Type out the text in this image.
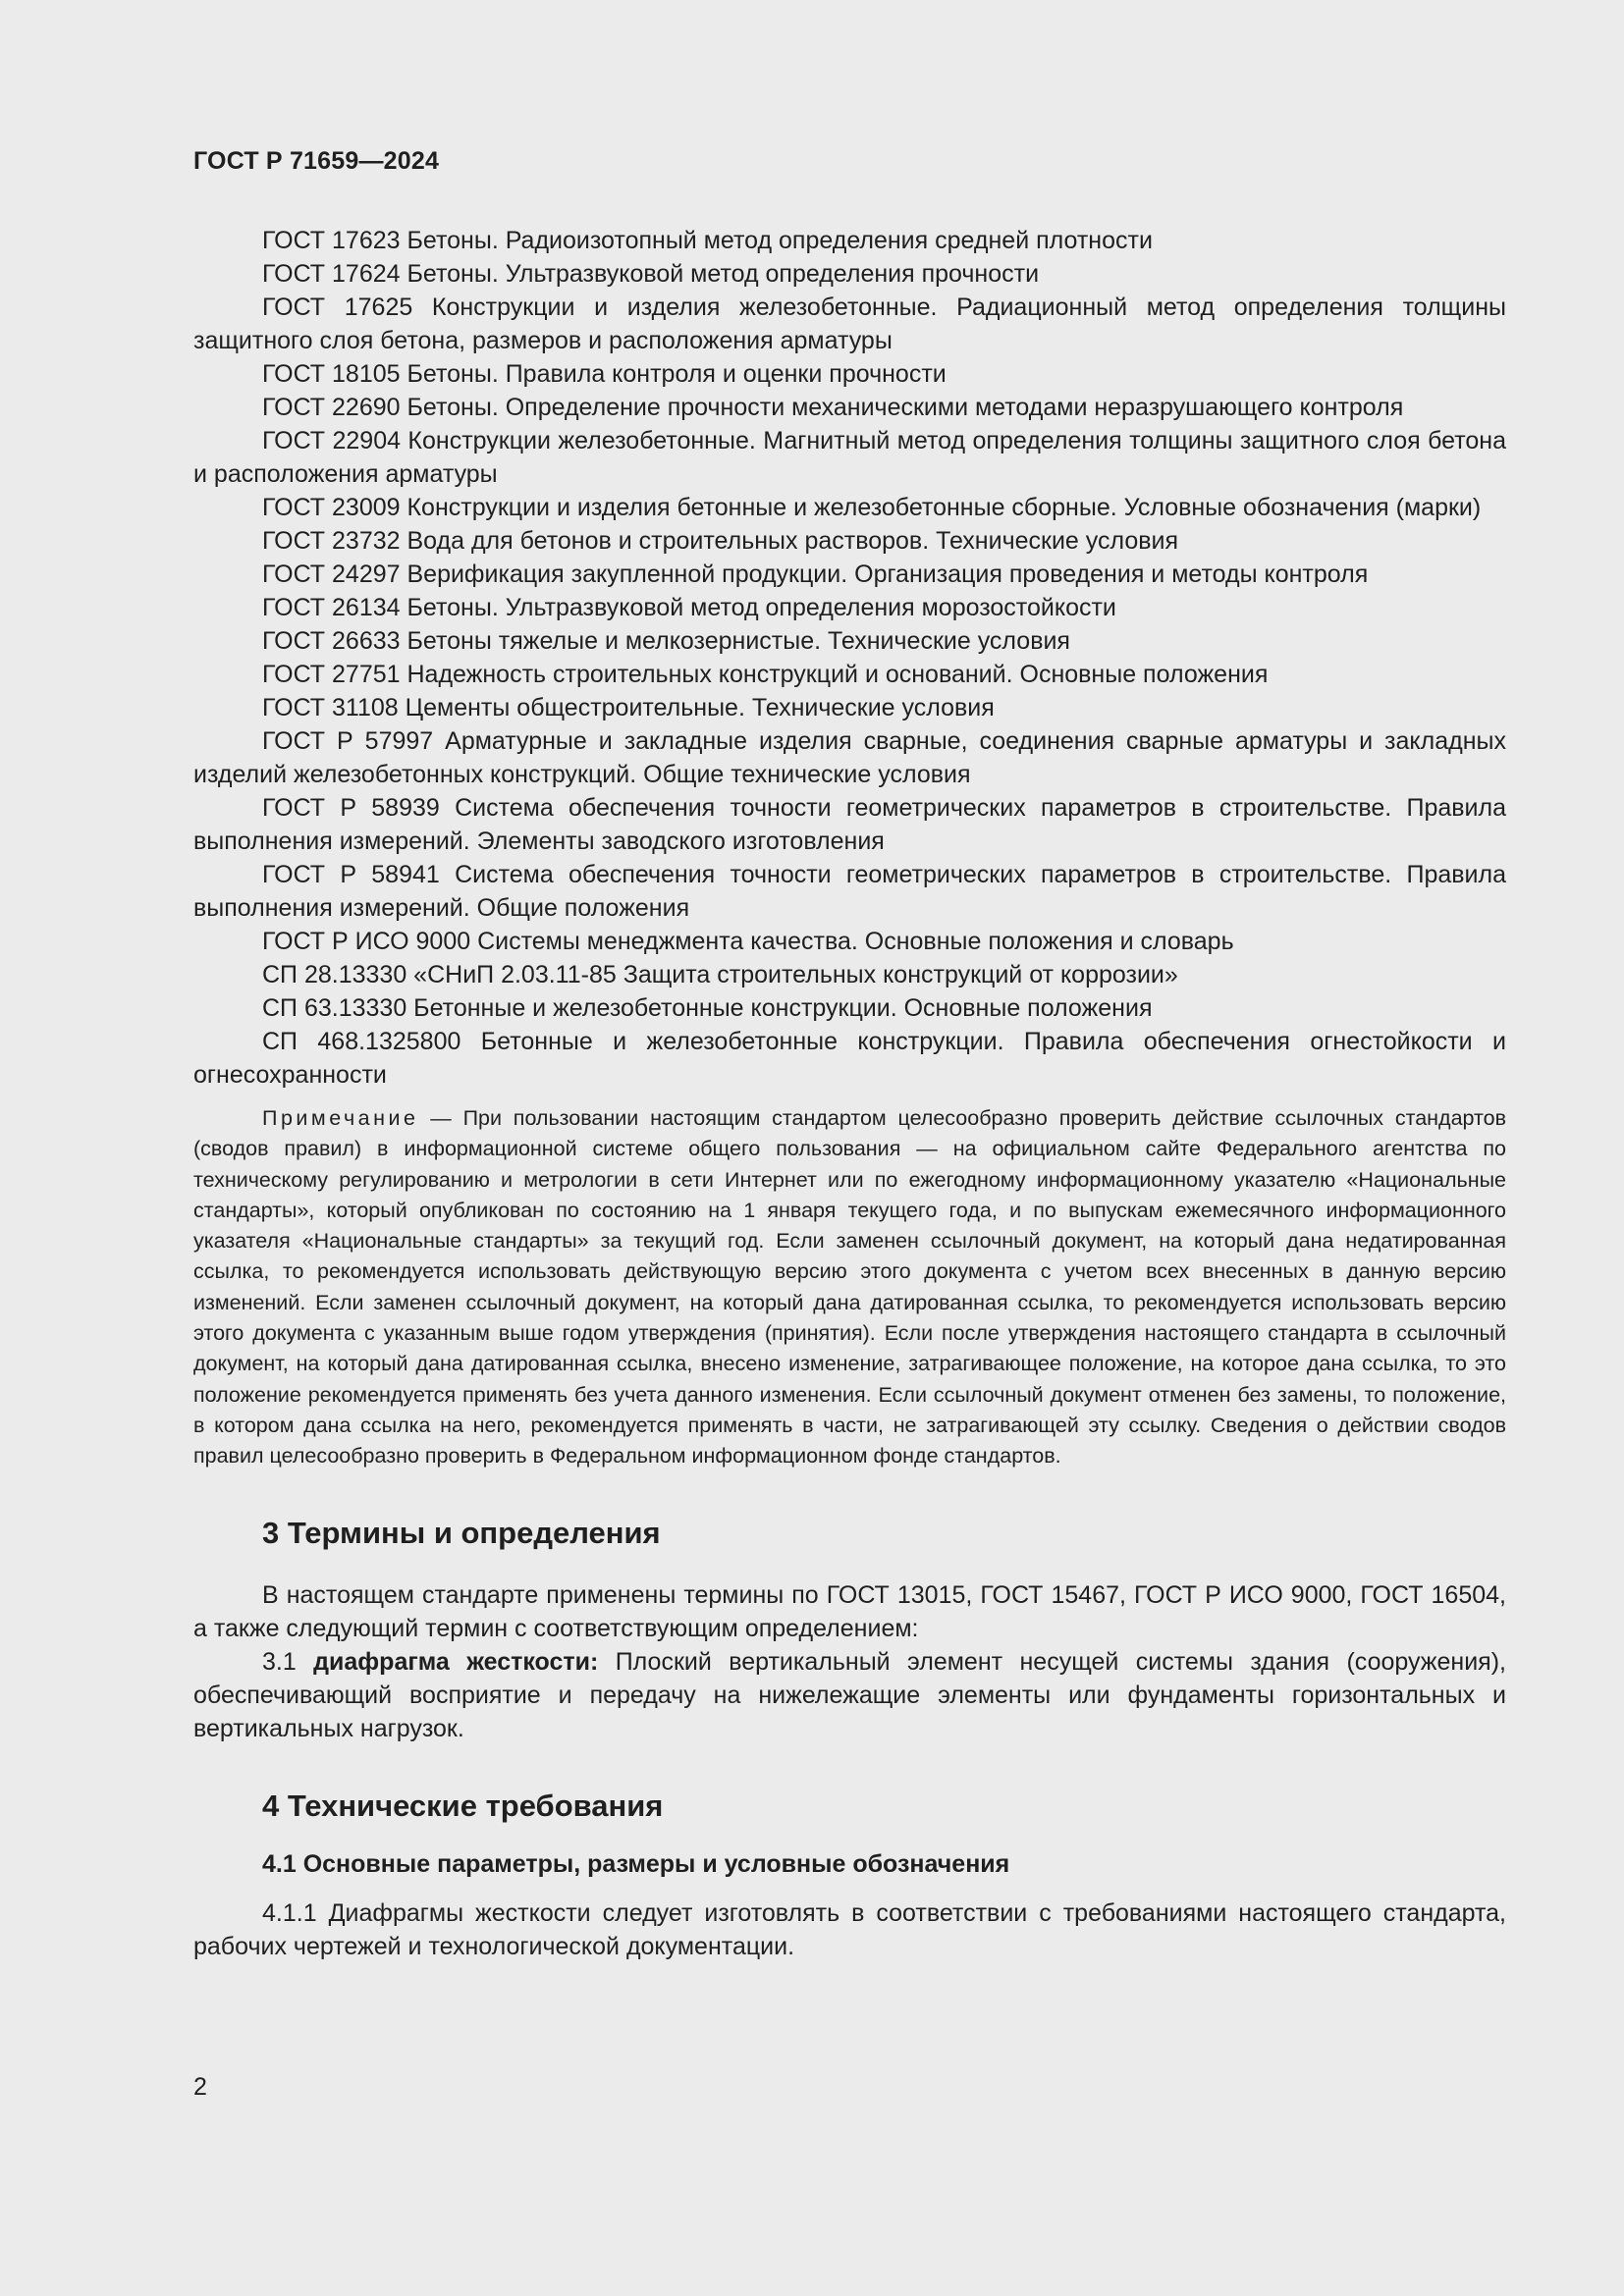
ГОСТ Р 71659—2024

ГОСТ 17623 Бетоны. Радиоизотопный метод определения средней плотности

ГОСТ 17624 Бетоны. Ультразвуковой метод определения прочности

ГОСТ 17625 Конструкции и изделия железобетонные. Радиационный метод определения толщины защитного слоя бетона, размеров и расположения арматуры

ГОСТ 18105 Бетоны. Правила контроля и оценки прочности

ГОСТ 22690 Бетоны. Определение прочности механическими методами неразрушающего контроля

ГОСТ 22904 Конструкции железобетонные. Магнитный метод определения толщины защитного слоя бетона и расположения арматуры

ГОСТ 23009 Конструкции и изделия бетонные и железобетонные сборные. Условные обозначения (марки)

ГОСТ 23732 Вода для бетонов и строительных растворов. Технические условия

ГОСТ 24297 Верификация закупленной продукции. Организация проведения и методы контроля

ГОСТ 26134 Бетоны. Ультразвуковой метод определения морозостойкости

ГОСТ 26633 Бетоны тяжелые и мелкозернистые. Технические условия

ГОСТ 27751 Надежность строительных конструкций и оснований. Основные положения

ГОСТ 31108 Цементы общестроительные. Технические условия

ГОСТ Р 57997 Арматурные и закладные изделия сварные, соединения сварные арматуры и закладных изделий железобетонных конструкций. Общие технические условия

ГОСТ Р 58939 Система обеспечения точности геометрических параметров в строительстве. Правила выполнения измерений. Элементы заводского изготовления

ГОСТ Р 58941 Система обеспечения точности геометрических параметров в строительстве. Правила выполнения измерений. Общие положения

ГОСТ Р ИСО 9000 Системы менеджмента качества. Основные положения и словарь

СП 28.13330 «СНиП 2.03.11-85 Защита строительных конструкций от коррозии»

СП 63.13330 Бетонные и железобетонные конструкции. Основные положения

СП 468.1325800 Бетонные и железобетонные конструкции. Правила обеспечения огнестойкости и огнесохранности

Примечание — При пользовании настоящим стандартом целесообразно проверить действие ссылочных стандартов (сводов правил) в информационной системе общего пользования — на официальном сайте Федерального агентства по техническому регулированию и метрологии в сети Интернет или по ежегодному информационному указателю «Национальные стандарты», который опубликован по состоянию на 1 января текущего года, и по выпускам ежемесячного информационного указателя «Национальные стандарты» за текущий год. Если заменен ссылочный документ, на который дана недатированная ссылка, то рекомендуется использовать действующую версию этого документа с учетом всех внесенных в данную версию изменений. Если заменен ссылочный документ, на который дана датированная ссылка, то рекомендуется использовать версию этого документа с указанным выше годом утверждения (принятия). Если после утверждения настоящего стандарта в ссылочный документ, на который дана датированная ссылка, внесено изменение, затрагивающее положение, на которое дана ссылка, то это положение рекомендуется применять без учета данного изменения. Если ссылочный документ отменен без замены, то положение, в котором дана ссылка на него, рекомендуется применять в части, не затрагивающей эту ссылку. Сведения о действии сводов правил целесообразно проверить в Федеральном информационном фонде стандартов.

3 Термины и определения

В настоящем стандарте применены термины по ГОСТ 13015, ГОСТ 15467, ГОСТ Р ИСО 9000, ГОСТ 16504, а также следующий термин с соответствующим определением:

3.1 диафрагма жесткости: Плоский вертикальный элемент несущей системы здания (сооружения), обеспечивающий восприятие и передачу на нижележащие элементы или фундаменты горизонтальных и вертикальных нагрузок.

4 Технические требования
4.1 Основные параметры, размеры и условные обозначения

4.1.1 Диафрагмы жесткости следует изготовлять в соответствии с требованиями настоящего стандарта, рабочих чертежей и технологической документации.

2
